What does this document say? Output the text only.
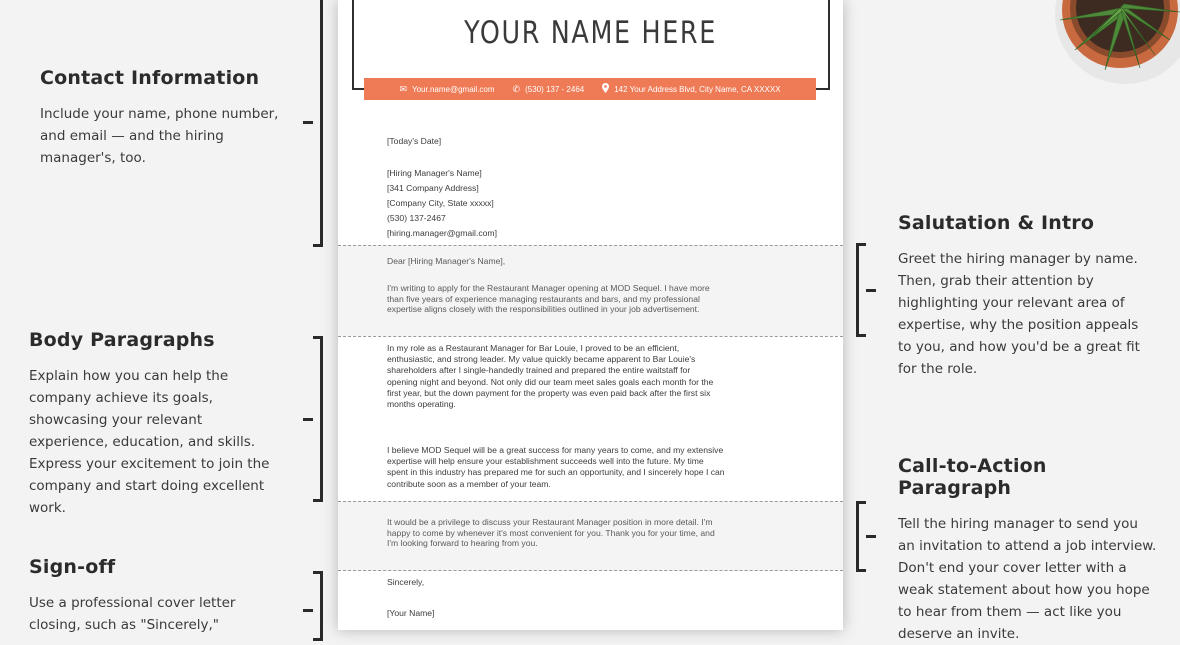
Contact Information

Include your name, phone number, and email — and the hiring manager's, too.

Body Paragraphs

Explain how you can help the company achieve its goals, showcasing your relevant experience, education, and skills. Express your excitement to join the company and start doing excellent work.

Sign-off

Use a professional cover letter closing, such as "Sincerely,"

Salutation & Intro

Greet the hiring manager by name. Then, grab their attention by highlighting your relevant area of expertise, why the position appeals to you, and how you'd be a great fit for the role.

Call-to-Action Paragraph

Tell the hiring manager to send you an invitation to attend a job interview. Don't end your cover letter with a weak statement about how you hope to hear from them — act like you deserve an invite.

YOUR NAME HERE
✉ Your.name@gmail.com ✆ (530) 137 - 2464	142 Your Address Blvd, City Name, CA XXXXX
[Today's Date]
[Hiring Manager's Name]
[341 Company Address]
[Company City, State xxxxx]
(530) 137-2467
[hiring.manager@gmail.com]
Dear [Hiring Manager's Name],
I'm writing to apply for the Restaurant Manager opening at MOD Sequel. I have more
than five years of experience managing restaurants and bars, and my professional
expertise aligns closely with the responsibilities outlined in your job advertisement.
In my role as a Restaurant Manager for Bar Louie, I proved to be an efficient,
enthusiastic, and strong leader. My value quickly became apparent to Bar Louie's
shareholders after I single-handedly trained and prepared the entire waitstaff for
opening night and beyond. Not only did our team meet sales goals each month for the
first year, but the down payment for the property was even paid back after the first six
months operating.
I believe MOD Sequel will be a great success for many years to come, and my extensive
expertise will help ensure your establishment succeeds well into the future. My time
spent in this industry has prepared me for such an opportunity, and I sincerely hope I can
contribute soon as a member of your team.
It would be a privilege to discuss your Restaurant Manager position in more detail. I'm
happy to come by whenever it's most convenient for you. Thank you for your time, and
I'm looking forward to hearing from you.
Sincerely,
[Your Name]
